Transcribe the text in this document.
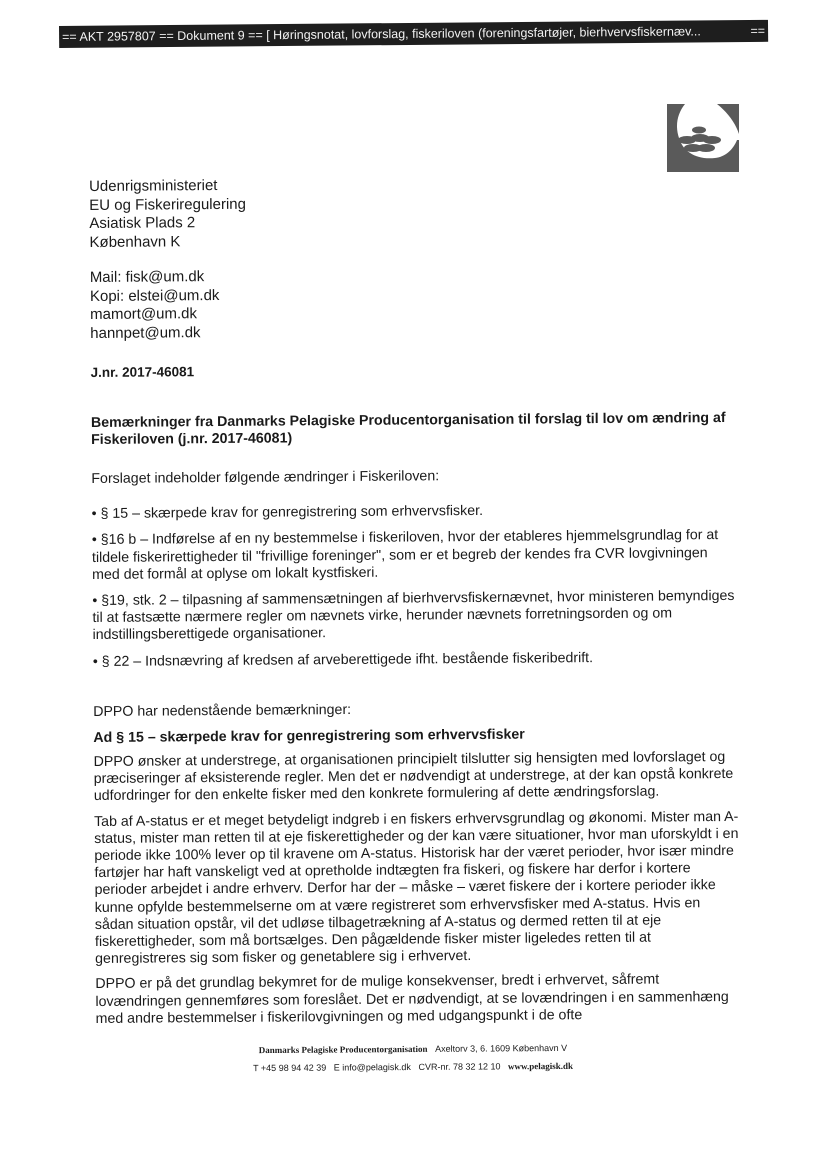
== AKT 2957807 == Dokument 9 == [ Høringsnotat, lovforslag, fiskeriloven (foreningsfartøjer, bierhvervsfiskernæv...	==
Udenrigsministeriet
EU og Fiskeriregulering
Asiatisk Plads 2
København K
Mail: fisk@um.dk
Kopi: elstei@um.dk
mamort@um.dk
hannpet@um.dk
J.nr. 2017-46081
Bemærkninger fra Danmarks Pelagiske Producentorganisation til forslag til lov om ændring af Fiskeriloven (j.nr. 2017-46081)

Forslaget indeholder følgende ændringer i Fiskeriloven:

• § 15 – skærpede krav for genregistrering som erhvervsfisker.

• §16 b – Indførelse af en ny bestemmelse i fiskeriloven, hvor der etableres hjemmelsgrundlag for at tildele fiskerirettigheder til "frivillige foreninger", som er et begreb der kendes fra CVR lovgivningen med det formål at oplyse om lokalt kystfiskeri.

• §19, stk. 2 – tilpasning af sammensætningen af bierhvervsfiskernævnet, hvor ministeren bemyndiges til at fastsætte nærmere regler om nævnets virke, herunder nævnets forretningsorden og om indstillingsberettigede organisationer.

• § 22 – Indsnævring af kredsen af arveberettigede ifht. bestående fiskeribedrift.

DPPO har nedenstående bemærkninger:

Ad § 15 – skærpede krav for genregistrering som erhvervsfisker

DPPO ønsker at understrege, at organisationen principielt tilslutter sig hensigten med lovforslaget og præciseringer af eksisterende regler. Men det er nødvendigt at understrege, at der kan opstå konkrete udfordringer for den enkelte fisker med den konkrete formulering af dette ændringsforslag.

Tab af A-status er et meget betydeligt indgreb i en fiskers erhvervsgrundlag og økonomi. Mister man A-status, mister man retten til at eje fiskerettigheder og der kan være situationer, hvor man uforskyldt i en periode ikke 100% lever op til kravene om A-status. Historisk har der været perioder, hvor især mindre fartøjer har haft vanskeligt ved at opretholde indtægten fra fiskeri, og fiskere har derfor i kortere perioder arbejdet i andre erhverv. Derfor har der – måske – været fiskere der i kortere perioder ikke kunne opfylde bestemmelserne om at være registreret som erhvervsfisker med A-status. Hvis en sådan situation opstår, vil det udløse tilbagetrækning af A-status og dermed retten til at eje fiskerettigheder, som må bortsælges. Den pågældende fisker mister ligeledes retten til at genregistreres sig som fisker og genetablere sig i erhvervet.

DPPO er på det grundlag bekymret for de mulige konsekvenser, bredt i erhvervet, såfremt lovændringen gennemføres som foreslået. Det er nødvendigt, at se lovændringen i en sammenhæng med andre bestemmelser i fiskerilovgivningen og med udgangspunkt i de ofte

Danmarks Pelagiske Producentorganisation Axeltorv 3, 6. 1609 København V
T +45 98 94 42 39 E info@pelagisk.dk CVR-nr. 78 32 12 10 www.pelagisk.dk
